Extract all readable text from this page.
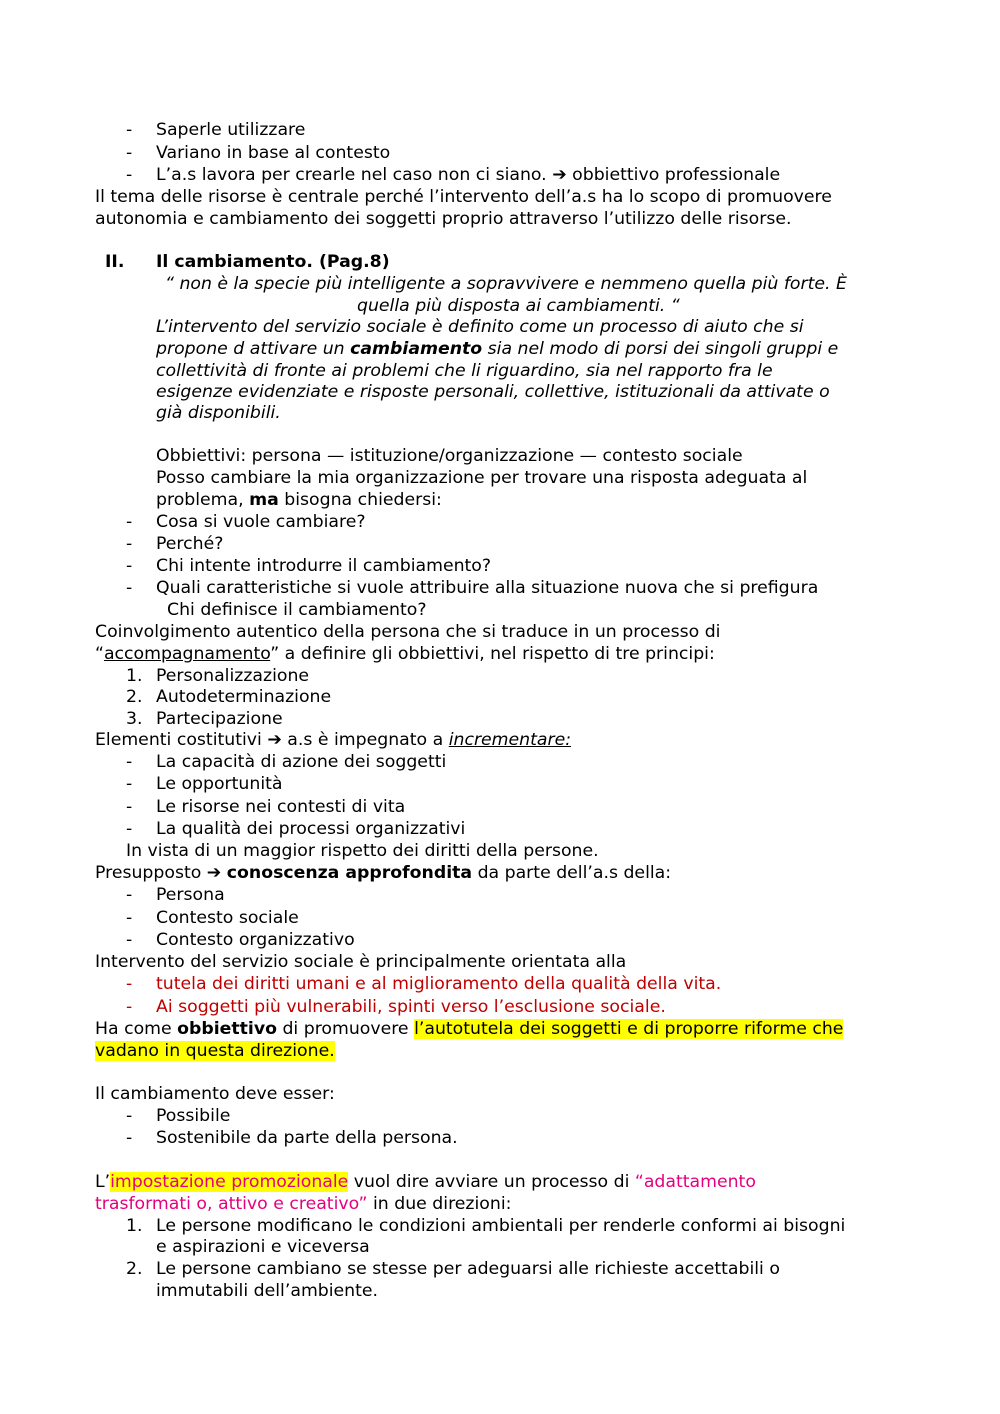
- Saperle utilizzare
- Variano in base al contesto
- L’a.s lavora per crearle nel caso non ci siano. ➔ obbiettivo professionale
Il tema delle risorse è centrale perché l’intervento dell’a.s ha lo scopo di promuovere
autonomia e cambiamento dei soggetti proprio attraverso l’utilizzo delle risorse.
II.	Il cambiamento. (Pag.8)
“ non è la specie più intelligente a sopravvivere e nemmeno quella più forte. È
quella più disposta ai cambiamenti. “
L’intervento del servizio sociale è definito come un processo di aiuto che si
propone d attivare un cambiamento sia nel modo di porsi dei singoli gruppi e
collettività di fronte ai problemi che li riguardino, sia nel rapporto fra le
esigenze evidenziate e risposte personali, collettive, istituzionali da attivate o
già disponibili.
Obbiettivi: persona — istituzione/organizzazione — contesto sociale
Posso cambiare la mia organizzazione per trovare una risposta adeguata al
problema, ma bisogna chiedersi:
- Cosa si vuole cambiare?
- Perché?
- Chi intente introdurre il cambiamento?
- Quali caratteristiche si vuole attribuire alla situazione nuova che si prefigura
Chi definisce il cambiamento?
Coinvolgimento autentico della persona che si traduce in un processo di
“accompagnamento” a definire gli obbiettivi, nel rispetto di tre principi:
1. Personalizzazione
2. Autodeterminazione
3. Partecipazione
Elementi costitutivi ➔ a.s è impegnato a incrementare:
- La capacità di azione dei soggetti
- Le opportunità
- Le risorse nei contesti di vita
- La qualità dei processi organizzativi
In vista di un maggior rispetto dei diritti della persone.
Presupposto ➔ conoscenza approfondita da parte dell’a.s della:
- Persona
- Contesto sociale
- Contesto organizzativo
Intervento del servizio sociale è principalmente orientata alla
- tutela dei diritti umani e al miglioramento della qualità della vita.
- Ai soggetti più vulnerabili, spinti verso l’esclusione sociale.
Ha come obbiettivo di promuovere l’autotutela dei soggetti e di proporre riforme che
vadano in questa direzione.
Il cambiamento deve esser:
- Possibile
- Sostenibile da parte della persona.
L’impostazione promozionale vuol dire avviare un processo di “adattamento
trasformati o, attivo e creativo” in due direzioni:
1. Le persone modificano le condizioni ambientali per renderle conformi ai bisogni
e aspirazioni e viceversa
2. Le persone cambiano se stesse per adeguarsi alle richieste accettabili o
immutabili dell’ambiente.
